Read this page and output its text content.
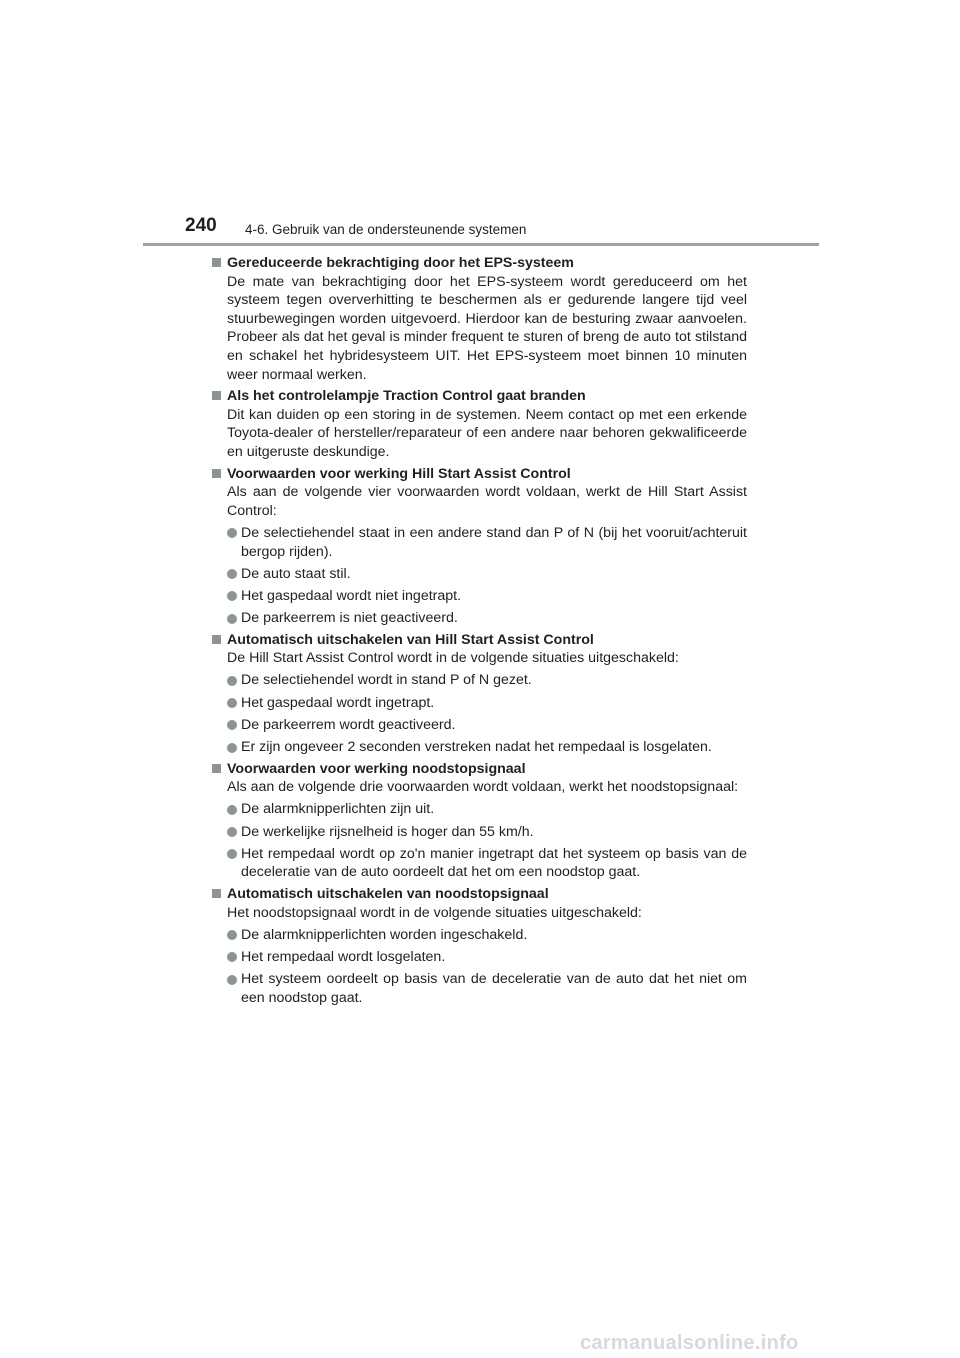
240 4-6. Gebruik van de ondersteunende systemen
Gereduceerde bekrachtiging door het EPS-systeem
De mate van bekrachtiging door het EPS-systeem wordt gereduceerd om het systeem tegen oververhitting te beschermen als er gedurende langere tijd veel stuurbewegingen worden uitgevoerd. Hierdoor kan de besturing zwaar aanvoelen. Probeer als dat het geval is minder frequent te sturen of breng de auto tot stilstand en schakel het hybridesysteem UIT. Het EPS-systeem moet binnen 10 minuten weer normaal werken.
Als het controlelampje Traction Control gaat branden
Dit kan duiden op een storing in de systemen. Neem contact op met een erkende Toyota-dealer of hersteller/reparateur of een andere naar behoren gekwalificeerde en uitgeruste deskundige.
Voorwaarden voor werking Hill Start Assist Control
Als aan de volgende vier voorwaarden wordt voldaan, werkt de Hill Start Assist Control:
De selectiehendel staat in een andere stand dan P of N (bij het vooruit/achteruit bergop rijden).
De auto staat stil.
Het gaspedaal wordt niet ingetrapt.
De parkeerrem is niet geactiveerd.
Automatisch uitschakelen van Hill Start Assist Control
De Hill Start Assist Control wordt in de volgende situaties uitgeschakeld:
De selectiehendel wordt in stand P of N gezet.
Het gaspedaal wordt ingetrapt.
De parkeerrem wordt geactiveerd.
Er zijn ongeveer 2 seconden verstreken nadat het rempedaal is losgelaten.
Voorwaarden voor werking noodstopsignaal
Als aan de volgende drie voorwaarden wordt voldaan, werkt het noodstopsignaal:
De alarmknipperlichten zijn uit.
De werkelijke rijsnelheid is hoger dan 55 km/h.
Het rempedaal wordt op zo'n manier ingetrapt dat het systeem op basis van de deceleratie van de auto oordeelt dat het om een noodstop gaat.
Automatisch uitschakelen van noodstopsignaal
Het noodstopsignaal wordt in de volgende situaties uitgeschakeld:
De alarmknipperlichten worden ingeschakeld.
Het rempedaal wordt losgelaten.
Het systeem oordeelt op basis van de deceleratie van de auto dat het niet om een noodstop gaat.
carmanualsonline.info
